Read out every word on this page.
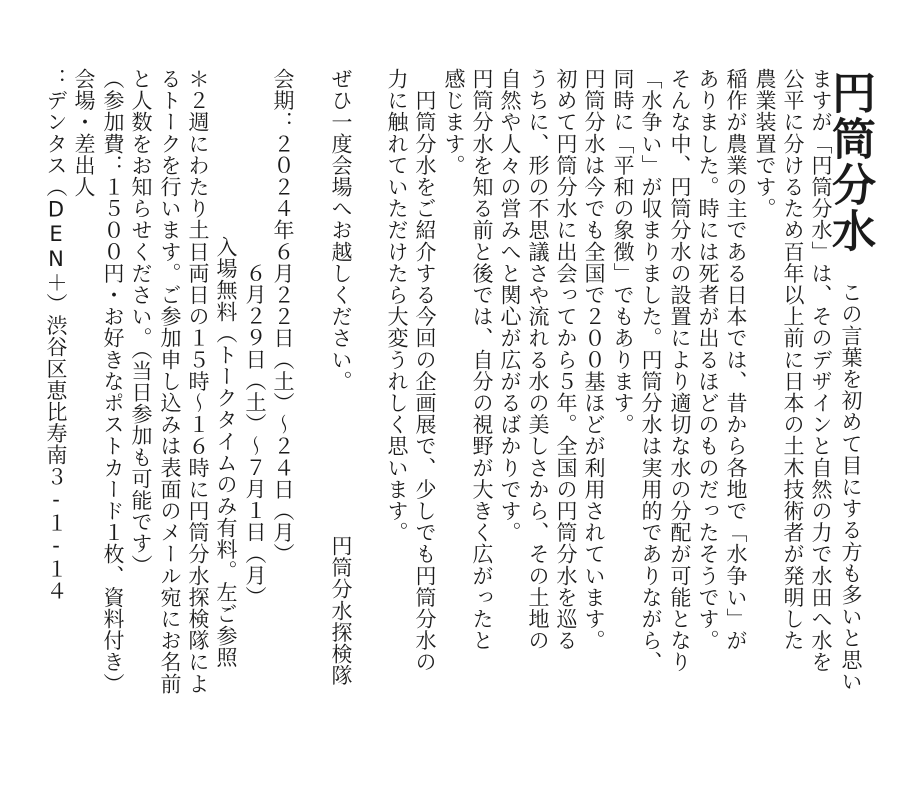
円筒分水

　この言葉を初めて目にする方も多いと思い

ますが「円筒分水」は、そのデザインと自然の力で水田へ水を

公平に分けるため百年以上前に日本の土木技術者が発明した

農業装置です。

稲作が農業の主である日本では、昔から各地で「水争い」が

ありました。時には死者が出るほどのものだったそうです。

そんな中、円筒分水の設置により適切な水の分配が可能となり

「水争い」が収まりました。円筒分水は実用的でありながら、

同時に「平和の象徴」でもあります。

円筒分水は今でも全国で２００基ほどが利用されています。

初めて円筒分水に出会ってから５年。全国の円筒分水を巡る

うちに、形の不思議さや流れる水の美しさから、その土地の

自然や人々の営みへと関心が広がるばかりです。

円筒分水を知る前と後では、自分の視野が大きく広がったと

感じます。

　円筒分水をご紹介する今回の企画展で、少しでも円筒分水の

力に触れていただけたら大変うれしく思います。

ぜひ一度会場へお越しください。

円筒分水探検隊

会期：２０２４年６月２２日（土）～２４日（月）

６月２９日（土）～７月１日（月）

入場無料（トークタイムのみ有料。左ご参照

＊２週にわたり土日両日の１５時～１６時に円筒分水探検隊によ

るトークを行います。ご参加申し込みは表面のメール宛にお名前

と人数をお知らせください。（当日参加も可能です）

（参加費：１５００円・お好きなポストカード１枚、資料付き）

会場・差出人

：デンタス（DEN＋）渋谷区恵比寿南３‐１‐１４
